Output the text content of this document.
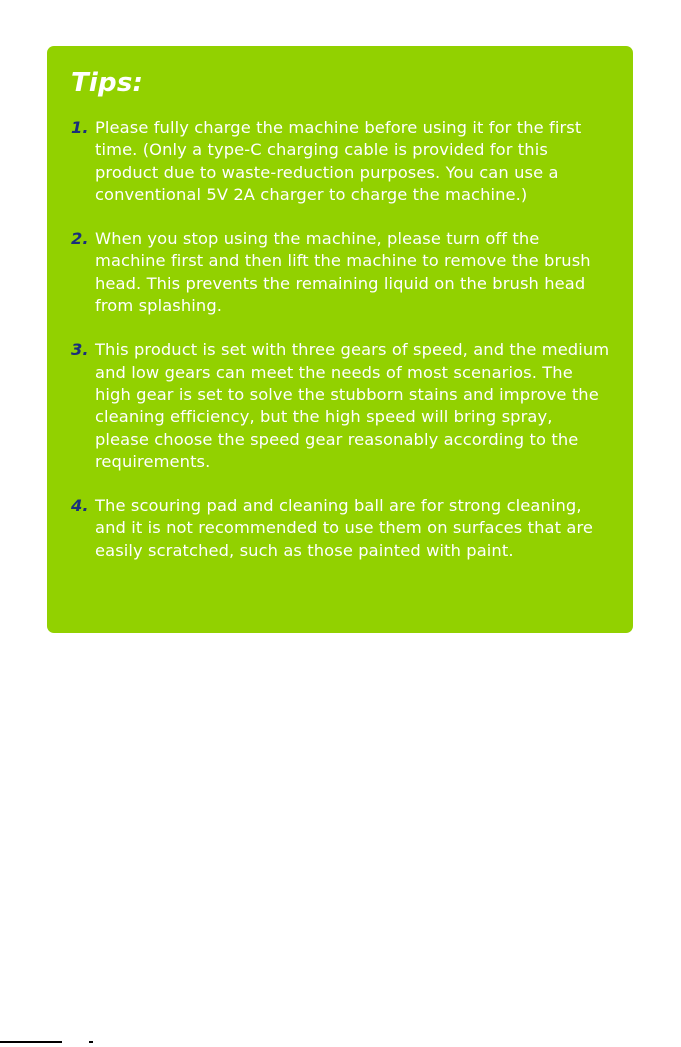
Tips:
1. Please fully charge the machine before using it for the first time. (Only a type-C charging cable is provided for this product due to waste-reduction purposes. You can use a conventional 5V 2A charger to charge the machine.)
2. When you stop using the machine, please turn off the machine first and then lift the machine to remove the brush head. This prevents the remaining liquid on the brush head from splashing.
3. This product is set with three gears of speed, and the medium and low gears can meet the needs of most scenarios. The high gear is set to solve the stubborn stains and improve the cleaning efficiency, but the high speed will bring spray, please choose the speed gear reasonably according to the requirements.
4. The scouring pad and cleaning ball are for strong cleaning, and it is not recommended to use them on surfaces that are easily scratched, such as those painted with paint.
